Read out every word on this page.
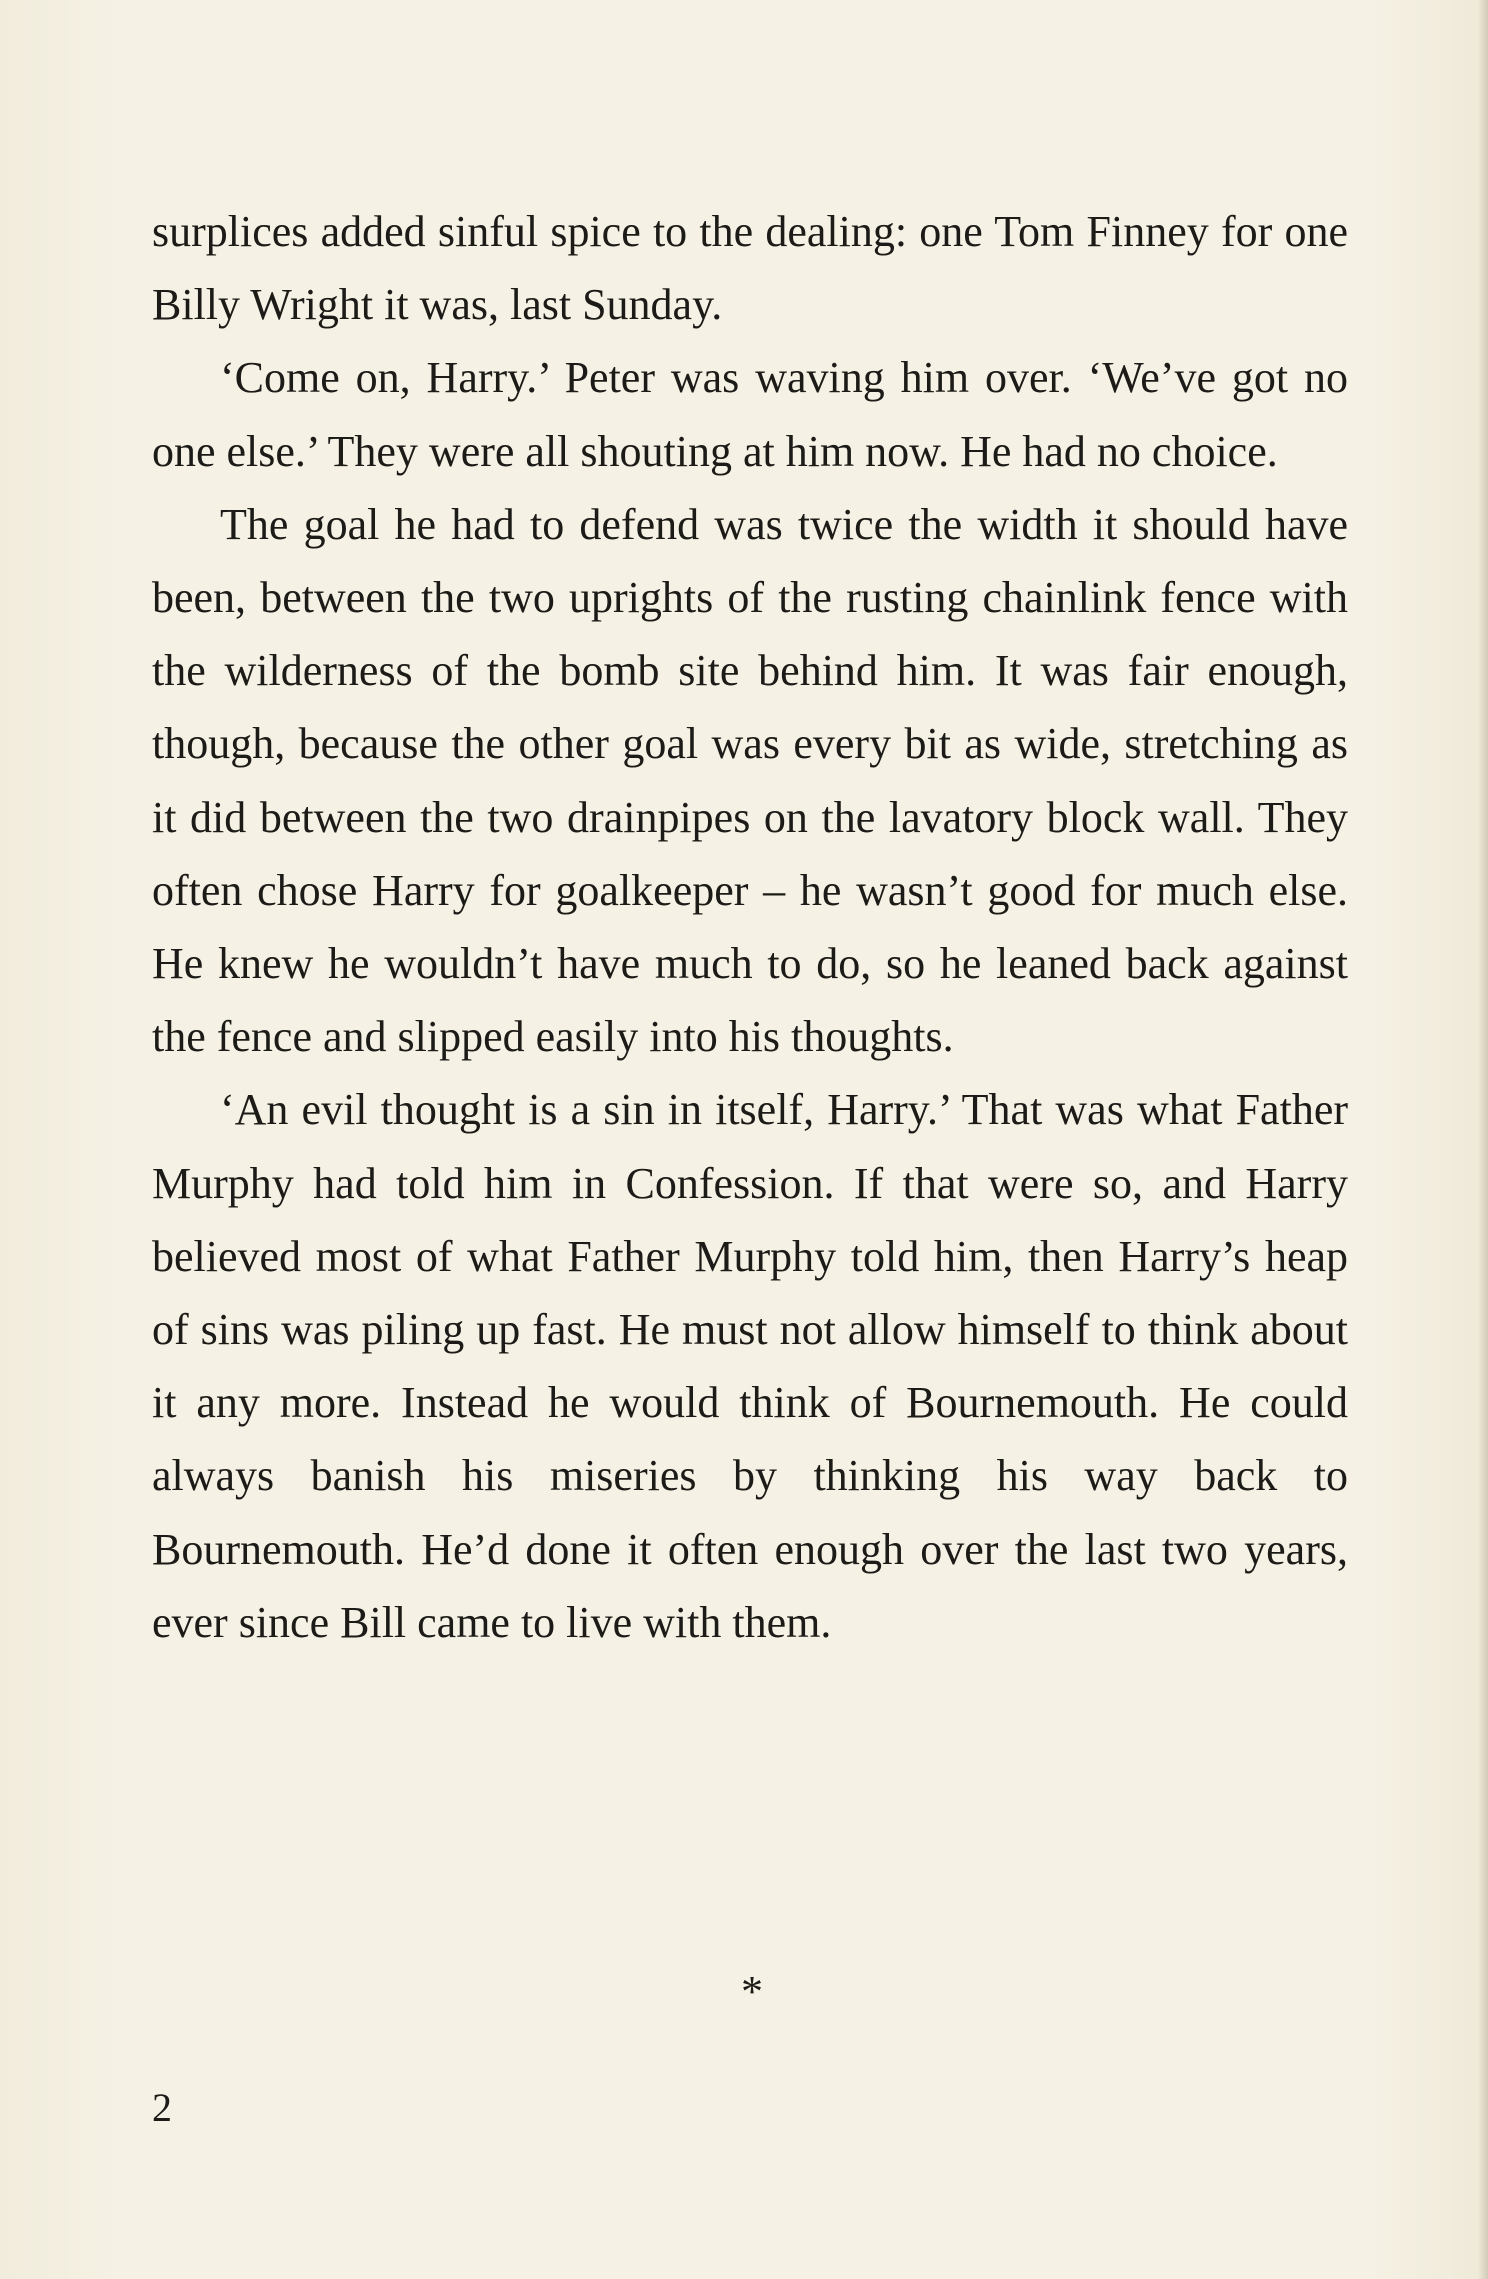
surplices added sinful spice to the dealing: one Tom Finney for one Billy Wright it was, last Sunday.

‘Come on, Harry.’ Peter was waving him over. ‘We’ve got no one else.’ They were all shouting at him now. He had no choice.

The goal he had to defend was twice the width it should have been, between the two uprights of the rusting chainlink fence with the wilderness of the bomb site behind him. It was fair enough, though, because the other goal was every bit as wide, stretching as it did between the two drainpipes on the lavatory block wall. They often chose Harry for goalkeeper – he wasn’t good for much else. He knew he wouldn’t have much to do, so he leaned back against the fence and slipped easily into his thoughts.

‘An evil thought is a sin in itself, Harry.’ That was what Father Murphy had told him in Confession. If that were so, and Harry believed most of what Father Murphy told him, then Harry’s heap of sins was piling up fast. He must not allow himself to think about it any more. Instead he would think of Bournemouth. He could always banish his miseries by thinking his way back to Bournemouth. He’d done it often enough over the last two years, ever since Bill came to live with them.

*
2
